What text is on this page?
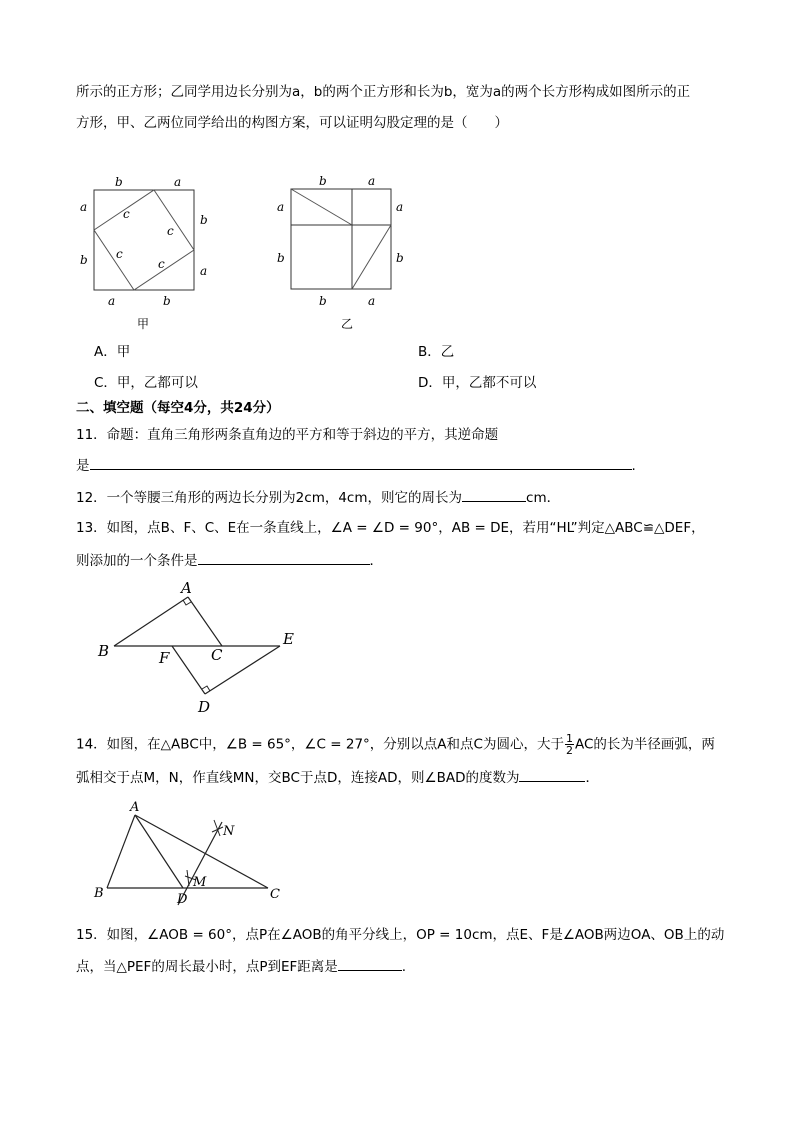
所示的正方形；乙同学用边长分别为a，b的两个正方形和长为b，宽为a的两个长方形构成如图所示的正
方形，甲、乙两位同学给出的构图方案，可以证明勾股定理的是（　　）
b	a
a
b
b
a
a	b
c
c
c
c
甲
b	a
a
b
a
b
b	a
乙
A．甲	B．乙
C．甲，乙都可以	D．甲，乙都不可以
二、填空题（每空4分，共24分）
11．命题：直角三角形两条直角边的平方和等于斜边的平方，其逆命题
是	.
12．一个等腰三角形的两边长分别为2cm，4cm，则它的周长为	cm．
13．如图，点B、F、C、E在一条直线上，∠A = ∠D = 90°，AB = DE，若用“HL”判定△ABC≌△DEF，
则添加的一个条件是	．
A
B	F	C
E
D
14．如图，在△ABC中，∠B = 65°，∠C = 27°，分别以点A和点C为圆心，大于 $\frac{1}{2}$ AC的长为半径画弧，两
弧相交于点M，N，作直线MN，交BC于点D，连接AD，则∠BAD的度数为	．
A
B	C
D
M
N
15．如图，∠AOB = 60°，点P在∠AOB的角平分线上，OP = 10cm，点E、F是∠AOB两边OA、OB上的动
点，当△PEF的周长最小时，点P到EF距离是	.
